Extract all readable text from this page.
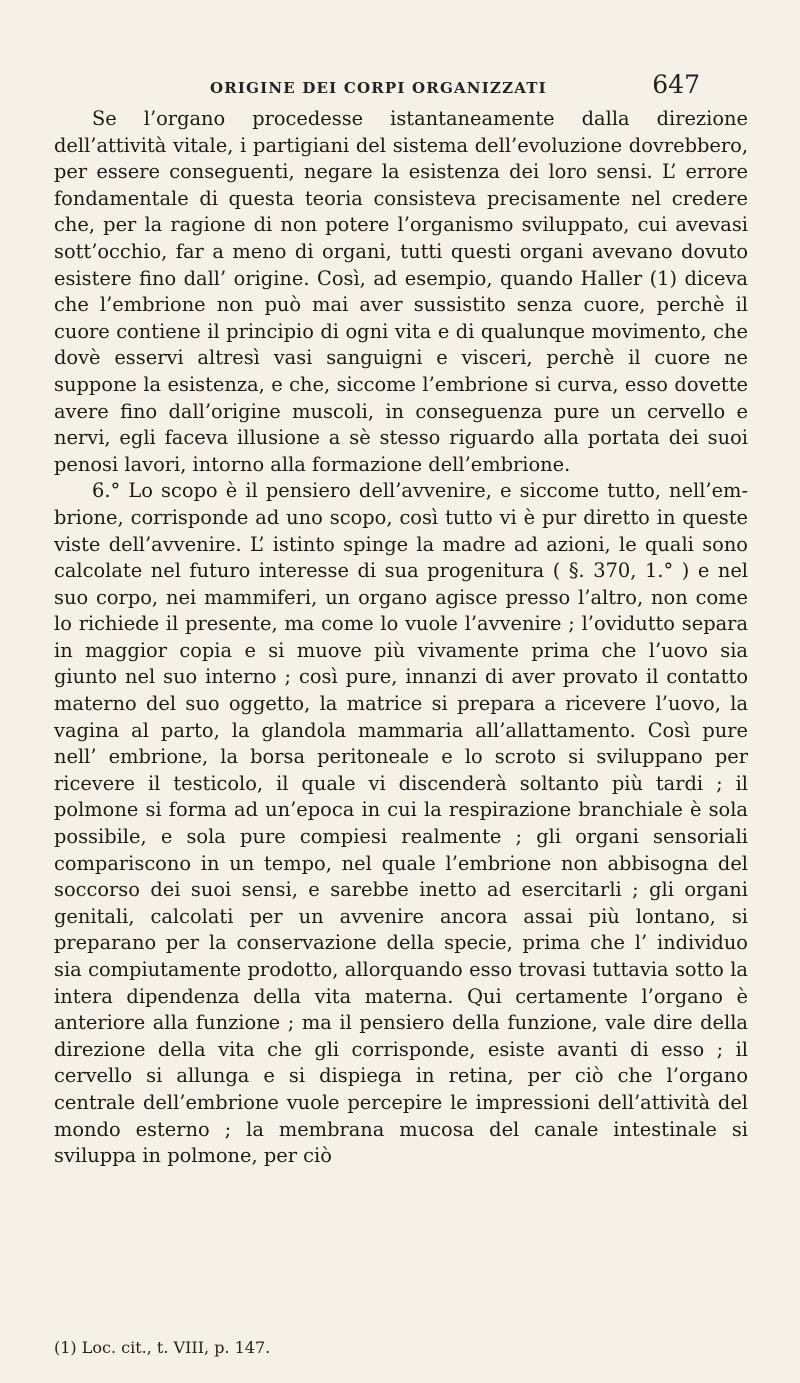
ORIGINE DEI CORPI ORGANIZZATI	647

Se l’organo procedesse istantaneamente dalla direzione dell’attività vitale, i partigiani del sistema dell’evoluzione dovrebbero, per essere conseguenti, negare la esistenza dei loro sensi. L’ errore fondamentale di questa teoria consisteva precisamente nel credere che, per la ragione di non potere l’organismo sviluppato, cui avevasi sott’occhio, far a meno di organi, tutti questi organi avevano dovuto esistere fino dall’ origine. Così, ad esempio, quando Haller (1) diceva che l’embrione non può mai aver sussistito senza cuore, perchè il cuore contiene il principio di ogni vita e di qualunque movimento, che dovè esservi altresì vasi sanguigni e visceri, perchè il cuore ne suppone la esistenza, e che, siccome l’embrione si curva, esso dovette avere fino dall’origine muscoli, in conseguenza pure un cervello e nervi, egli faceva illusione a sè stesso riguardo alla portata dei suoi penosi lavori, intorno alla formazione dell’embrione.

6.° Lo scopo è il pensiero dell’avvenire, e siccome tutto, nell’embrione, corrisponde ad uno scopo, così tutto vi è pur diretto in queste viste dell’avvenire. L’ istinto spinge la madre ad azioni, le quali sono calcolate nel futuro interesse di sua progenitura ( §. 370, 1.° ) e nel suo corpo, nei mammiferi, un organo agisce presso l’altro, non come lo richiede il presente, ma come lo vuole l’avvenire ; l’ovidutto separa in maggior copia e si muove più vivamente prima che l’uovo sia giunto nel suo interno ; così pure, innanzi di aver provato il contatto materno del suo oggetto, la matrice si prepara a ricevere l’uovo, la vagina al parto, la glandola mammaria all’allattamento. Così pure nell’ embrione, la borsa peritoneale e lo scroto si sviluppano per ricevere il testicolo, il quale vi discenderà soltanto più tardi ; il polmone si forma ad un’epoca in cui la respirazione branchiale è sola possibile, e sola pure compiesi realmente ; gli organi sensoriali compariscono in un tempo, nel quale l’embrione non abbisogna del soccorso dei suoi sensi, e sarebbe inetto ad esercitarli ; gli organi genitali, calcolati per un avvenire ancora assai più lontano, si preparano per la conservazione della specie, prima che l’ individuo sia compiutamente prodotto, allorquando esso trovasi tuttavia sotto la intera dipendenza della vita materna. Qui certamente l’organo è anteriore alla funzione ; ma il pensiero della funzione, vale dire della direzione della vita che gli corrisponde, esiste avanti di esso ; il cervello si allunga e si dispiega in retina, per ciò che l’organo centrale dell’embrione vuole percepire le impressioni dell’attività del mondo esterno ; la membrana mucosa del canale intestinale si sviluppa in polmone, per ciò

(1) Loc. cit., t. VIII, p. 147.
